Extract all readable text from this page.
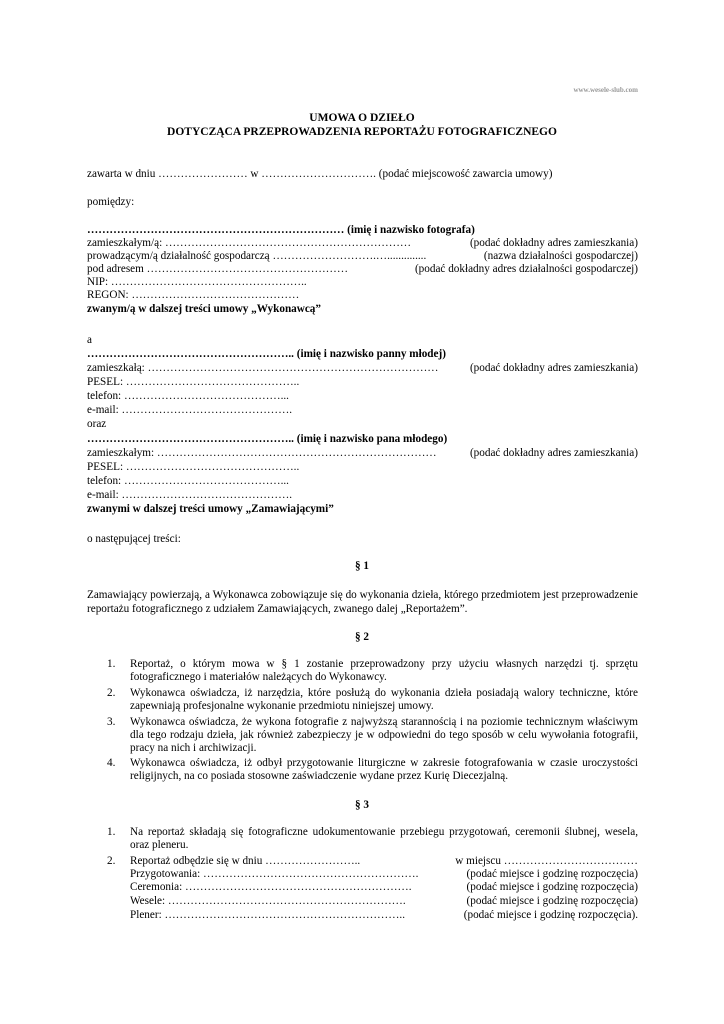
www.wesele-slub.com
UMOWA O DZIEŁO
DOTYCZĄCA PRZEPROWADZENIA REPORTAŻU FOTOGRAFICZNEGO
zawarta w dniu …………………… w …………………………. (podać miejscowość zawarcia umowy)
pomiędzy:
…………………………………………………………… (imię i nazwisko fotografa)
zamieszkałym/ą: …………………………………………………………	(podać dokładny adres zamieszkania)
prowadzącym/ą działalność gospodarczą ……………………….…..............	(nazwa działalności gospodarczej)
pod adresem ………………………………………………	(podać dokładny adres działalności gospodarczej)
NIP: ……………………………………………..
REGON: ………………………………………
zwanym/ą w dalszej treści umowy „Wykonawcą”
a
……………………………………………….. (imię i nazwisko panny młodej)
zamieszkałą: ……………………………………………………………………	(podać dokładny adres zamieszkania)
PESEL: ………………………………………..
telefon: ……………………………………...
e-mail: ……………………………………….
oraz
……………………………………………….. (imię i nazwisko pana młodego)
zamieszkałym: …………………………………………………………………	(podać dokładny adres zamieszkania)
PESEL: ………………………………………..
telefon: ……………………………………...
e-mail: ……………………………………….
zwanymi w dalszej treści umowy „Zamawiającymi”
o następującej treści:
§ 1
Zamawiający powierzają, a Wykonawca zobowiązuje się do wykonania dzieła, którego przedmiotem jest przeprowadzenie reportażu fotograficznego z udziałem Zamawiających, zwanego dalej „Reportażem”.
§ 2
1. Reportaż, o którym mowa w § 1 zostanie przeprowadzony przy użyciu własnych narzędzi tj. sprzętu fotograficznego i materiałów należących do Wykonawcy.
2. Wykonawca oświadcza, iż narzędzia, które posłużą do wykonania dzieła posiadają walory techniczne, które zapewniają profesjonalne wykonanie przedmiotu niniejszej umowy.
3. Wykonawca oświadcza, że wykona fotografie z najwyższą starannością i na poziomie technicznym właściwym dla tego rodzaju dzieła, jak również zabezpieczy je w odpowiedni do tego sposób w celu wywołania fotografii, pracy na nich i archiwizacji.
4. Wykonawca oświadcza, iż odbył przygotowanie liturgiczne w zakresie fotografowania w czasie uroczystości religijnych, na co posiada stosowne zaświadczenie wydane przez Kurię Diecezjalną.
§ 3
1. Na reportaż składają się fotograficzne udokumentowanie przebiegu przygotowań, ceremonii ślubnej, wesela, oraz pleneru.
2. Reportaż odbędzie się w dniu ……………………..	w miejscu ………………………………
Przygotowania: ………………………………………………….	(podać miejsce i godzinę rozpoczęcia)
Ceremonia: …………………………………………………….	(podać miejsce i godzinę rozpoczęcia)
Wesele: ……………………………………………………….	(podać miejsce i godzinę rozpoczęcia)
Plener: ………………………………………………………..	(podać miejsce i godzinę rozpoczęcia).
